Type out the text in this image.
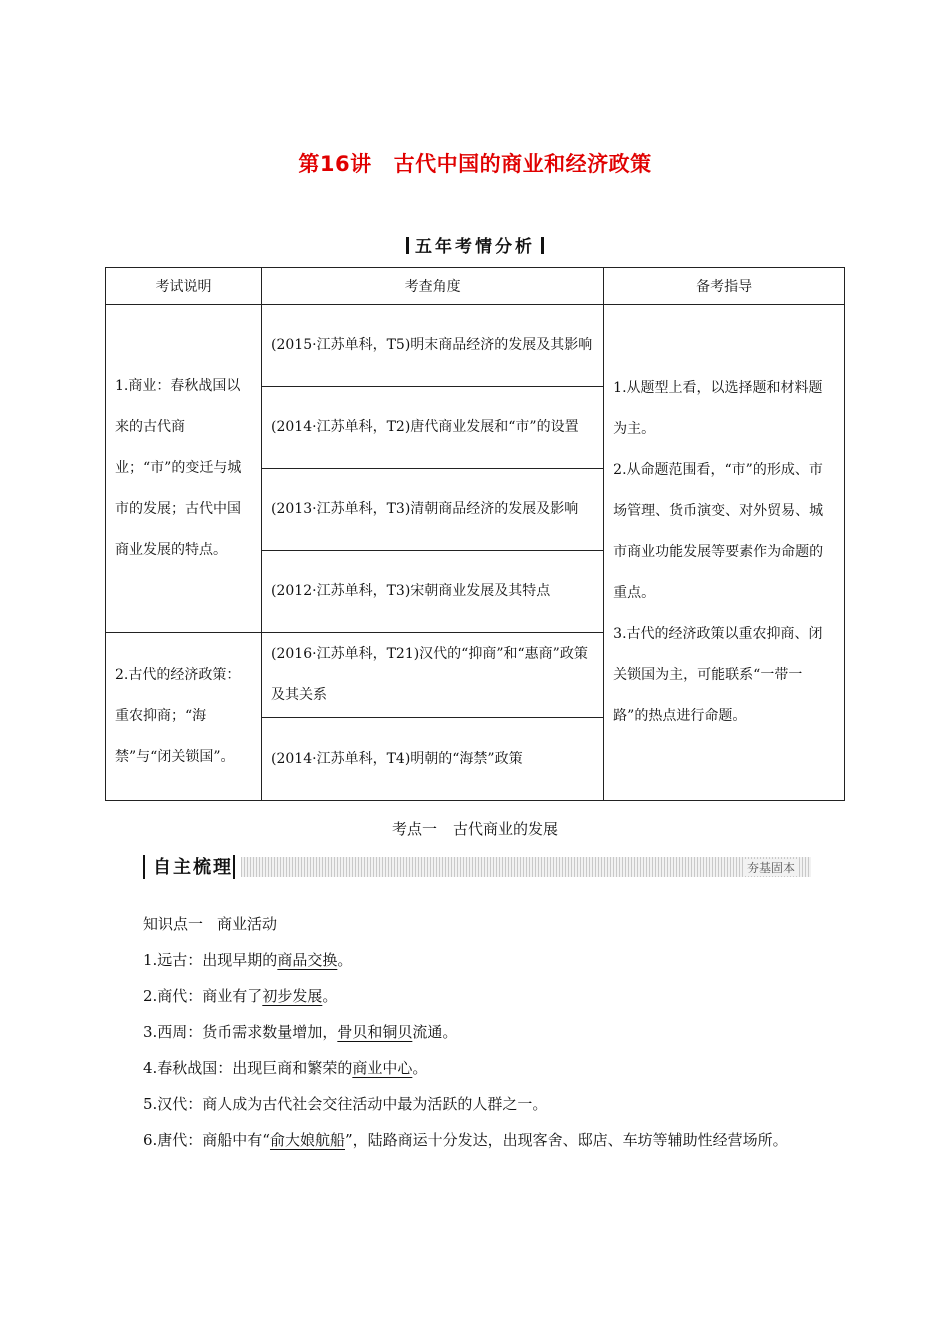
第16讲 古代中国的商业和经济政策
五年考情分析
考试说明	考查角度	备考指导

1.商业：春秋战国以来的古代商业；“市”的变迁与城市的发展；古代中国商业发展的特点。	(2015·江苏单科，T5)明末商品经济的发展及其影响	1.从题型上看，以选择题和材料题为主。
2.从命题范围看，“市”的形成、市场管理、货币演变、对外贸易、城市商业功能发展等要素作为命题的重点。
3.古代的经济政策以重农抑商、闭关锁国为主，可能联系“一带一路”的热点进行命题。

	(2014·江苏单科，T2)唐代商业发展和“市”的设置	

	(2013·江苏单科，T3)清朝商品经济的发展及影响	

	(2012·江苏单科，T3)宋朝商业发展及其特点	

2.古代的经济政策：重农抑商；“海禁”与“闭关锁国”。	(2016·江苏单科，T21)汉代的“抑商”和“惠商”政策及其关系	

	(2014·江苏单科，T4)明朝的“海禁”政策	
考点一 古代商业的发展
自主梳理	夯基固本

知识点一 商业活动

1.远古：出现早期的商品交换。

2.商代：商业有了初步发展。

3.西周：货币需求数量增加，骨贝和铜贝流通。

4.春秋战国：出现巨商和繁荣的商业中心。

5.汉代：商人成为古代社会交往活动中最为活跃的人群之一。

6.唐代：商船中有“俞大娘航船”，陆路商运十分发达，出现客舍、邸店、车坊等辅助性经营场所。
